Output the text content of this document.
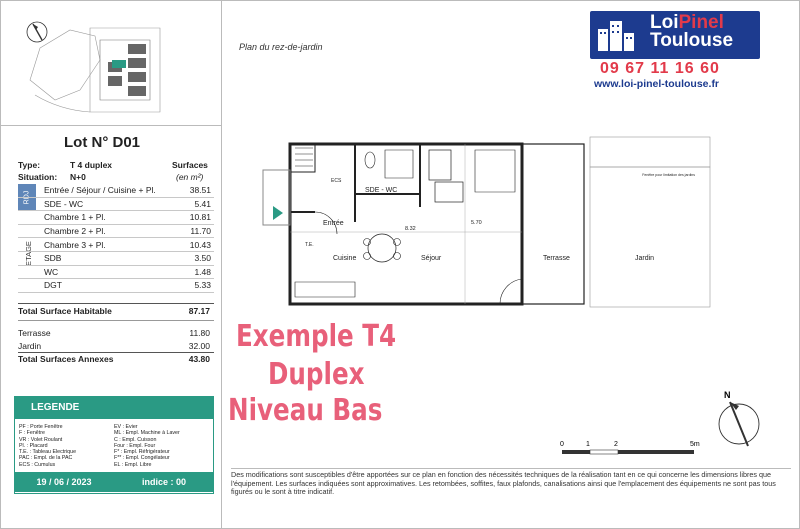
Lot N° D01
Type:	T 4 duplex	Surfaces
Situation: N+0	(en m²)
RDJ
ETAGE
Entrée / Séjour / Cuisine + Pl.	38.51
SDE - WC	5.41
Chambre 1 + Pl.	10.81
Chambre 2 + Pl.	11.70
Chambre 3 + Pl.	10.43
SDB	3.50
WC	1.48
DGT	5.33
Total Surface Habitable	87.17
Terrasse	11.80
Jardin	32.00
Total Surfaces Annexes	43.80
LEGENDE
PF : Porte Fenêtre
F : Fenêtre
VR : Volet Roulant
Pl. : Placard
T.E. : Tableau Electrique
PAC : Empl. de la PAC
ECS : Cumulus
EV : Evier
ML : Empl. Machine à Laver
C : Empl. Cuisson
Four : Empl. Four
F* : Empl. Réfrigérateur
F** : Empl. Congélateur
EL : Empl. Libre
19 / 06 / 2023	indice : 00
Plan du rez-de-jardin
Entrée
SDE - WC
Cuisine	Séjour	Terrasse	Jardin
ECS
T.E.
8.32
5.70
Fenêtre pour limitation des jardins
LoiPinel
Toulouse
09 67 11 16 60
www.loi-pinel-toulouse.fr
Exemple T4
Duplex
Niveau Bas	N
0	1	2	5m
Des modifications sont susceptibles d'être apportées sur ce plan en fonction des nécessités techniques de la réalisation tant en ce qui concerne les dimensions libres que l'équipement. Les surfaces indiquées sont approximatives. Les retombées, soffites, faux plafonds, canalisations ainsi que l'emplacement des équipements ne sont pas tous figurés ou le sont à titre indicatif.
